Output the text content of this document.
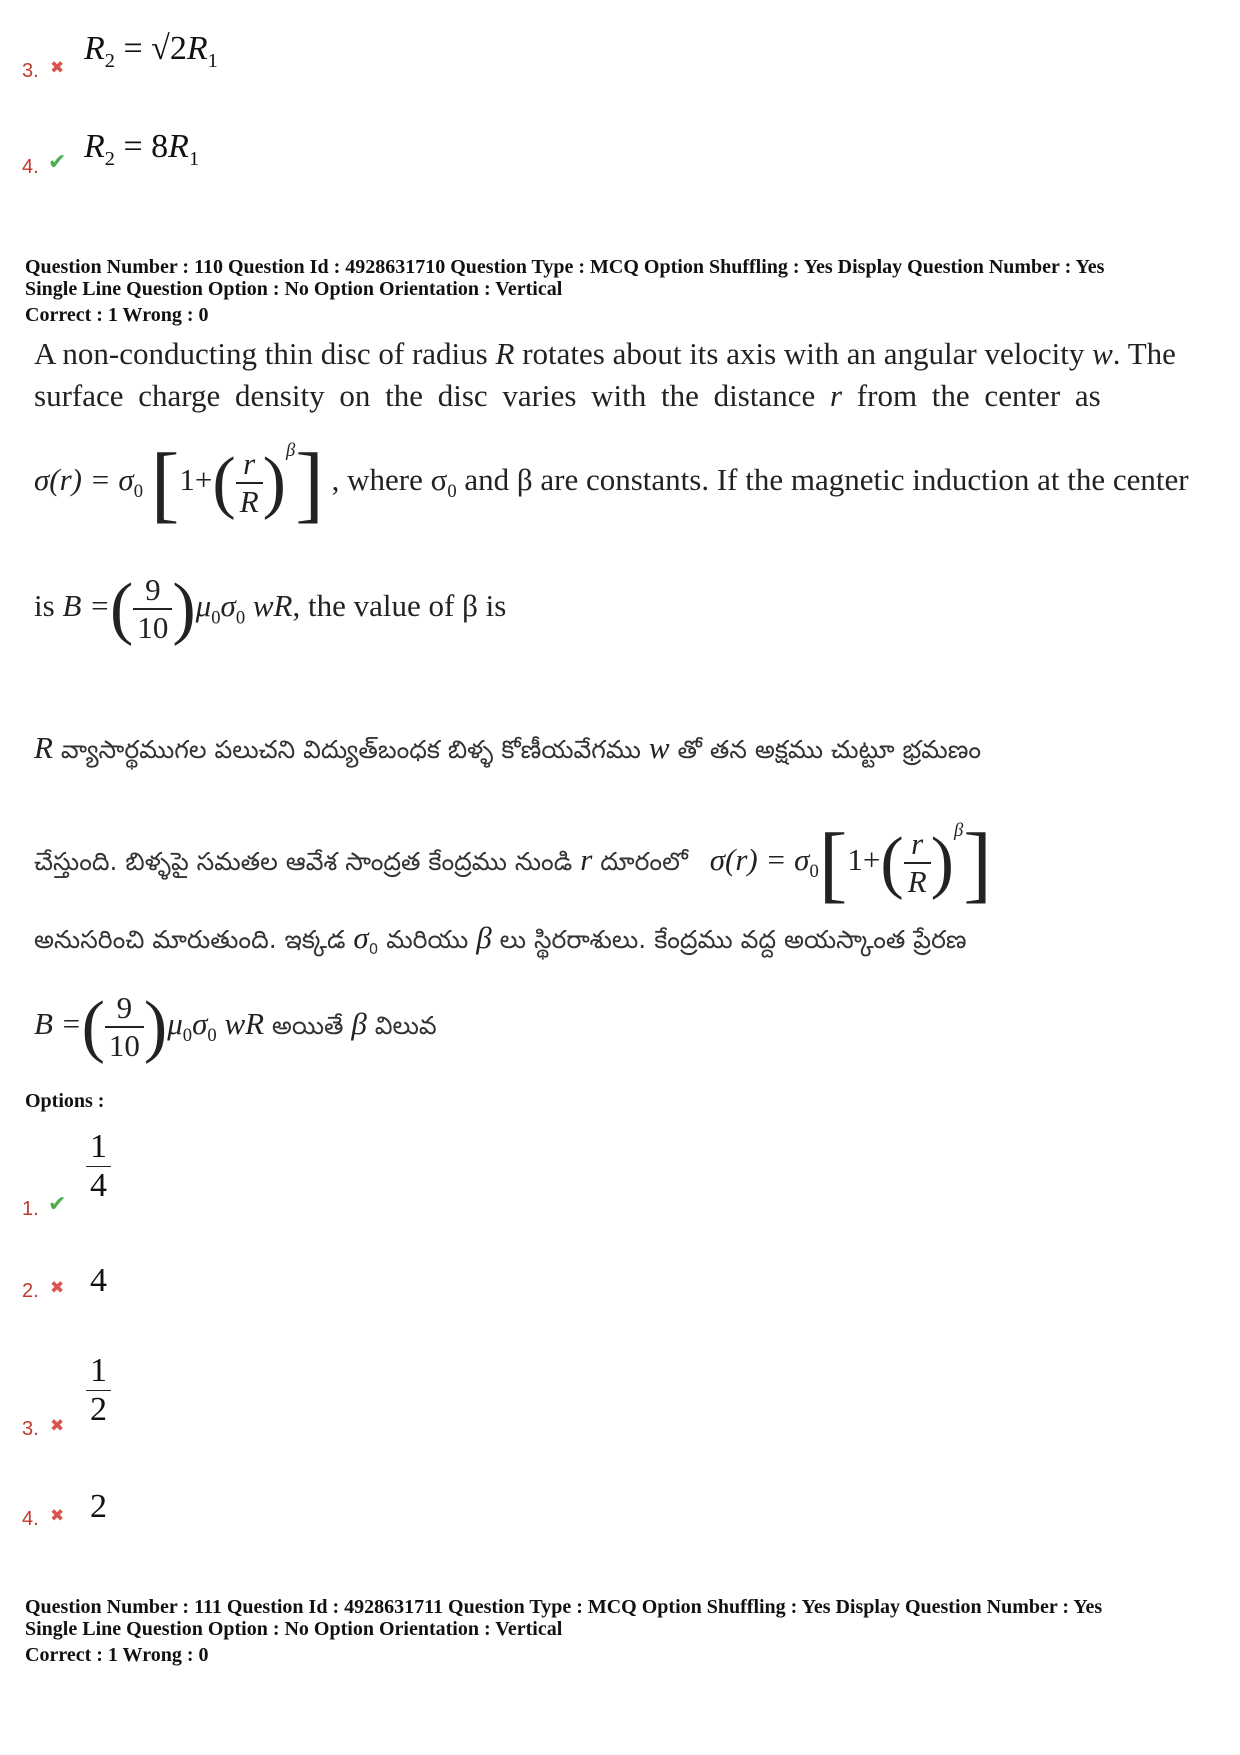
3. ✖
$R_2 = √2R_1$
4. ✔ $R_2 = 8R_1$
Question Number : 110 Question Id : 4928631710 Question Type : MCQ Option Shuffling : Yes Display Question Number : Yes
Single Line Question Option : No Option Orientation : Vertical
Correct : 1 Wrong : 0
A non-conducting thin disc of radius R rotates about its axis with an angular velocity w. The
surface charge density on the disc varies with the distance r from the center as
$\sigma(r) = \sigma_0$ $[1+( \frac{r}{R} )^\beta]$ , where $\sigma_0$ and β are constants. If the magnetic induction at the center
is B =( $\frac{9}{10} )\mu_0\sigma_0$ wR, the value of β is
R వ్యాసార్థముగల పలుచని విద్యుత్‌బంధక బిళ్ళ కోణీయవేగము w తో తన అక్షము చుట్టూ భ్రమణం
చేస్తుంది. బిళ్ళపై సమతల ఆవేశ సాంద్రత కేంద్రము నుండి r దూరంలో $\sigma(r) = \sigma_0[1+( \frac{r}{R} )^\beta]$
అనుసరించి మారుతుంది. ఇక్కడ $\sigma_0$ మరియు β లు స్థిరరాశులు. కేంద్రము వద్ద అయస్కాంత ప్రేరణ
B =( $\frac{9}{10} )\mu_0\sigma_0$ wR అయితే β విలువ
Options :
1. ✔ $\frac{1}{4}$
2. ✖ 4
3. ✖ $\frac{1}{2}$
4. ✖ 2
Question Number : 111 Question Id : 4928631711 Question Type : MCQ Option Shuffling : Yes Display Question Number : Yes
Single Line Question Option : No Option Orientation : Vertical
Correct : 1 Wrong : 0
